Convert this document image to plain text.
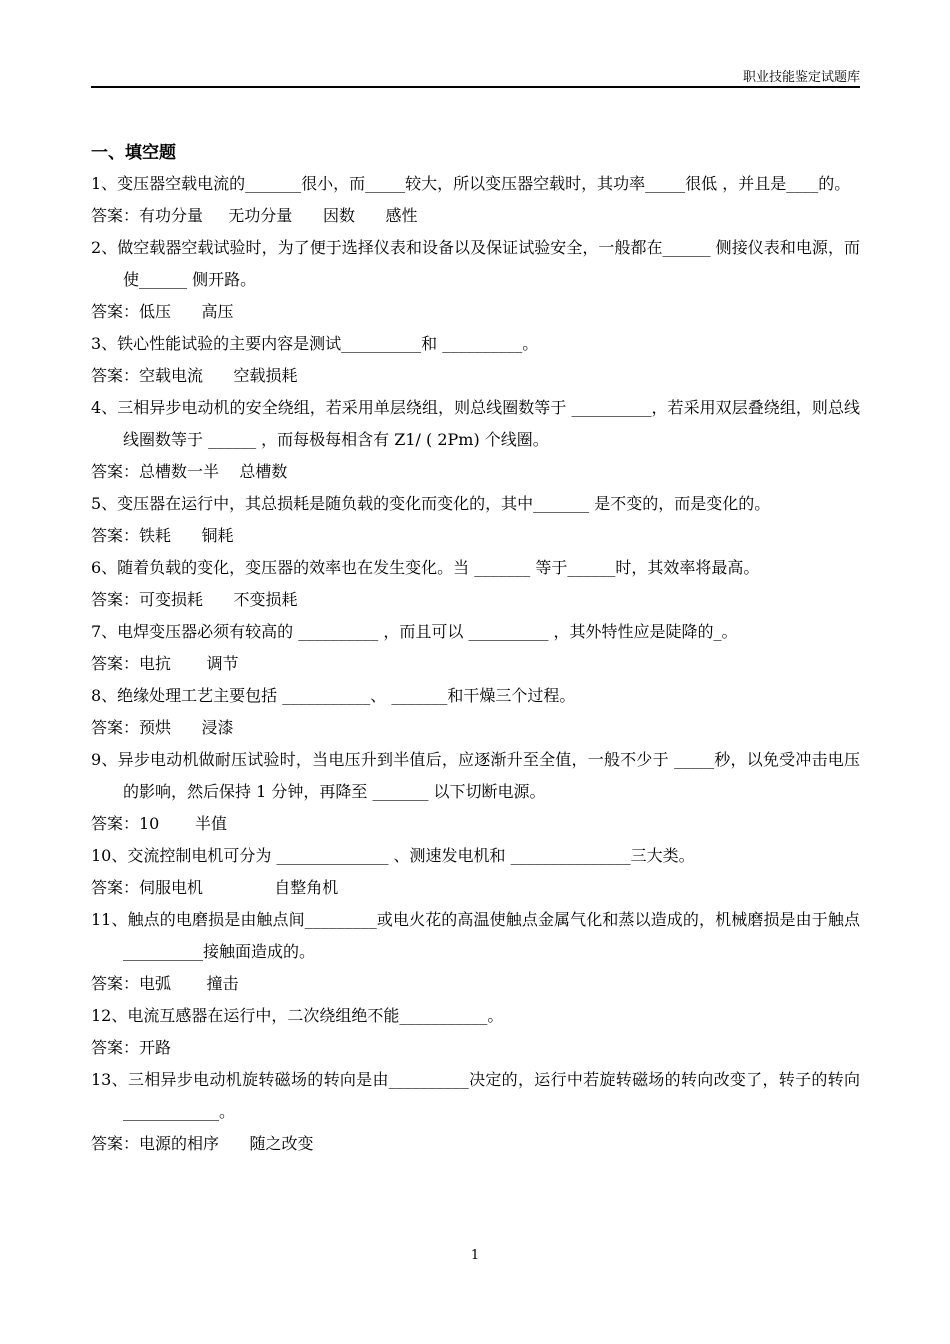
职业技能鉴定试题库
一、填空题

1、变压器空载电流的_______很小，而_____较大，所以变压器空载时，其功率_____很低 ，并且是____的。

答案：有功分量     无功分量      因数      感性

2、做空载器空载试验时，为了便于选择仪表和设备以及保证试验安全，一般都在______ 侧接仪表和电源，而使______ 侧开路。

答案：低压      高压

3、铁心性能试验的主要内容是测试__________和 __________。

答案：空载电流      空载损耗

4、三相异步电动机的安全绕组，若采用单层绕组，则总线圈数等于 __________，若采用双层叠绕组，则总线线圈数等于 ______ ，而每极每相含有 Z1/ ( 2Pm) 个线圈。

答案：总槽数一半    总槽数

5、变压器在运行中，其总损耗是随负载的变化而变化的，其中_______ 是不变的，而是变化的。

答案：铁耗      铜耗

6、随着负载的变化，变压器的效率也在发生变化。当 _______ 等于______时，其效率将最高。

答案：可变损耗      不变损耗

7、电焊变压器必须有较高的 __________ ，而且可以 __________ ，其外特性应是陡降的_。

答案：电抗       调节

8、绝缘处理工艺主要包括 ___________、 _______和干燥三个过程。

答案：预烘      浸漆

9、异步电动机做耐压试验时，当电压升到半值后，应逐渐升至全值，一般不少于 _____秒，以免受冲击电压的影响，然后保持 1 分钟，再降至 _______ 以下切断电源。

答案：10       半值

10、交流控制电机可分为 ______________ 、测速发电机和 _______________三大类。

答案：伺服电机              自整角机

11、触点的电磨损是由触点间_________或电火花的高温使触点金属气化和蒸以造成的，机械磨损是由于触点__________接触面造成的。

答案：电弧       撞击

12、电流互感器在运行中，二次绕组绝不能___________。

答案：开路

13、三相异步电动机旋转磁场的转向是由__________决定的，运行中若旋转磁场的转向改变了，转子的转向____________。

答案：电源的相序      随之改变

1
